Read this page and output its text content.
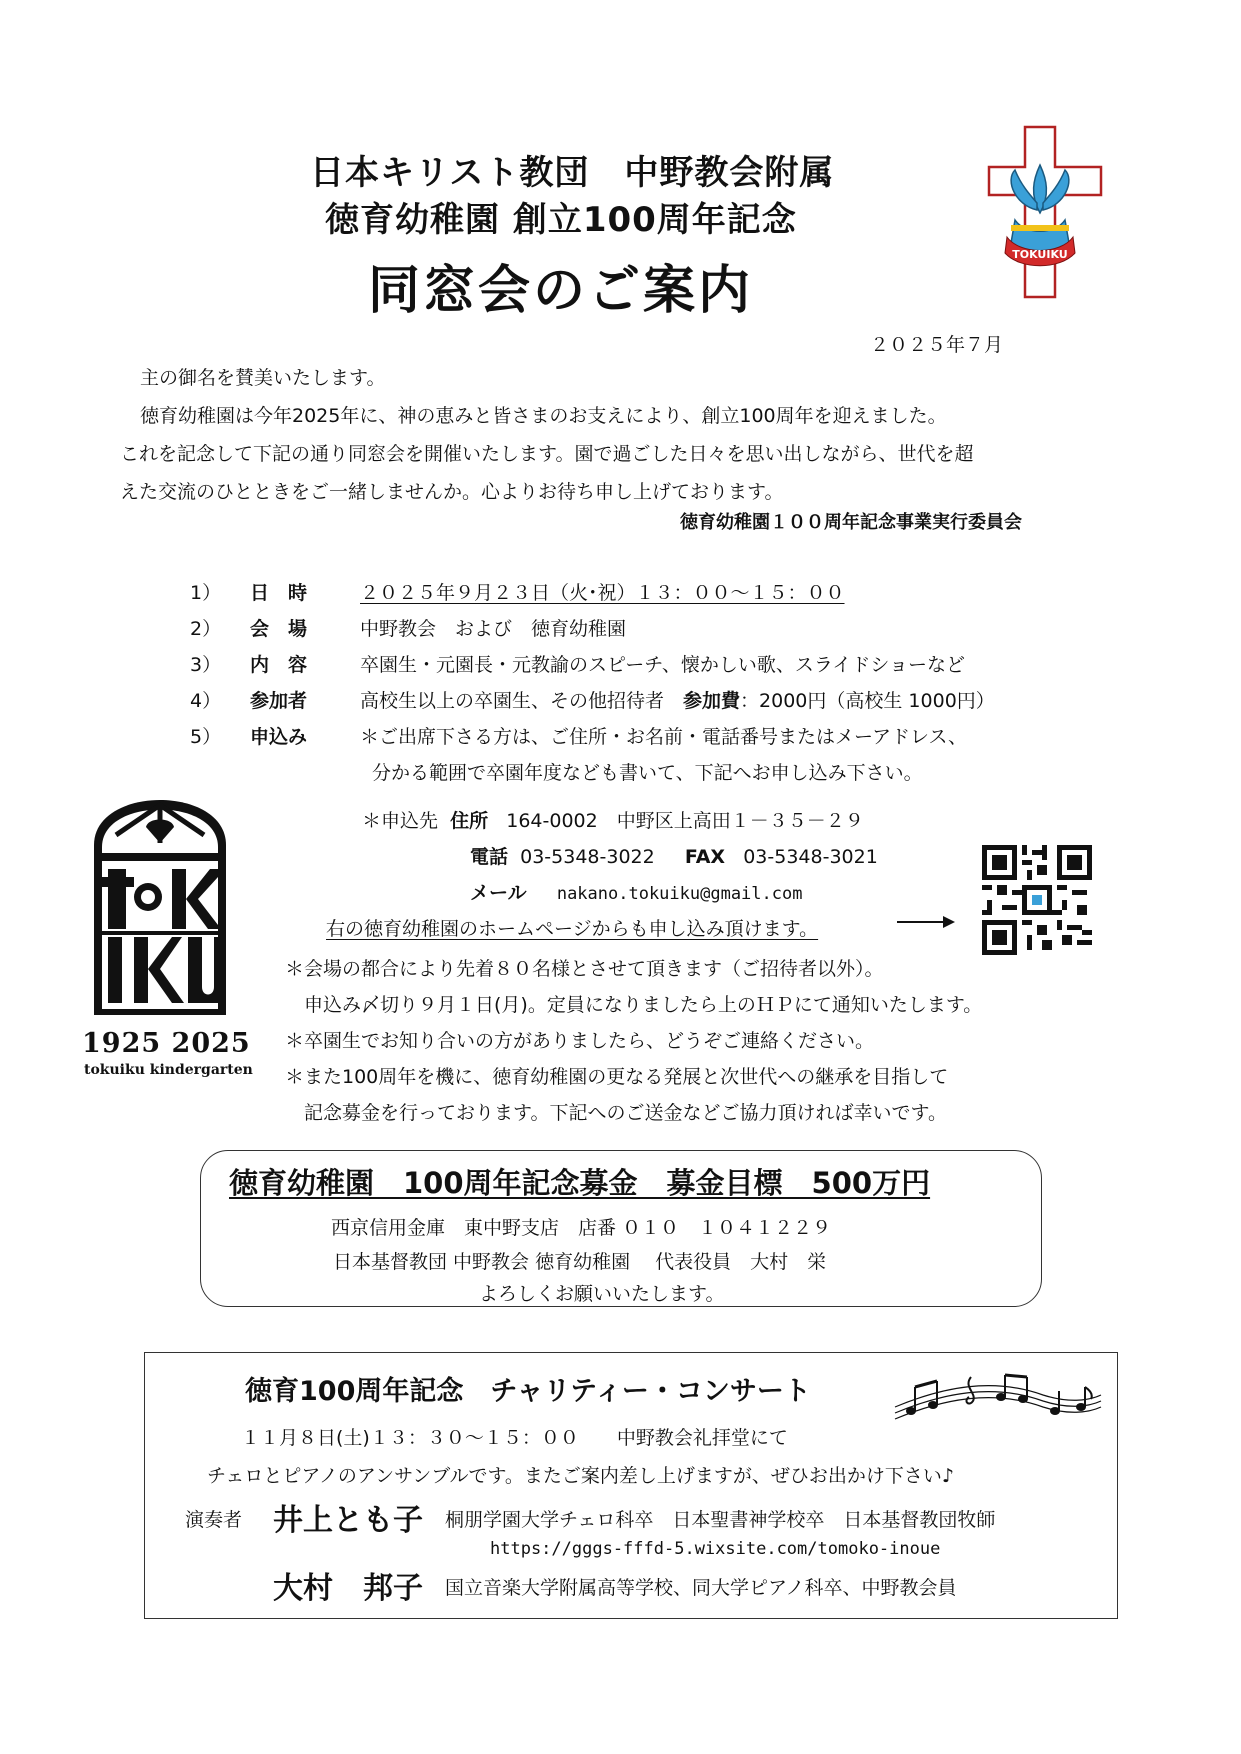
日本キリスト教団　中野教会附属
徳育幼稚園 創立100周年記念
同窓会のご案内
TOKUIKU
２０２５年７月
主の御名を賛美いたします。
徳育幼稚園は今年2025年に、神の恵みと皆さまのお支えにより、創立100周年を迎えました。
これを記念して下記の通り同窓会を開催いたします。園で過ごした日々を思い出しながら、世代を超
えた交流のひとときをご一緒しませんか。心よりお待ち申し上げております。
徳育幼稚園１００周年記念事業実行委員会
1） 日　時	２０２５年９月２３日（火･祝）１３：００～１５：００
2） 会　場	中野教会　および　徳育幼稚園
3） 内　容	卒園生・元園長・元教諭のスピーチ、懐かしい歌、スライドショーなど
4） 参加者	高校生以上の卒園生、その他招待者　参加費：2000円（高校生 1000円）
5） 申込み	＊ご出席下さる方は、ご住所・お名前・電話番号またはメーアドレス、
分かる範囲で卒園年度なども書いて、下記へお申し込み下さい。
＊申込先 住所 164-0002　中野区上高田１－３５－２９
電話 03-5348-3022 FAX 03-5348-3021
メール nakano.tokuiku@gmail.com
右の徳育幼稚園のホームページからも申し込み頂けます。
1925 2025
tokuiku kindergarten
＊会場の都合により先着８０名様とさせて頂きます（ご招待者以外）。
　申込み〆切り９月１日(月)。定員になりましたら上のＨＰにて通知いたします。
＊卒園生でお知り合いの方がありましたら、どうぞご連絡ください。
＊また100周年を機に、徳育幼稚園の更なる発展と次世代への継承を目指して
　記念募金を行っております。下記へのご送金などご協力頂ければ幸いです。
徳育幼稚園　100周年記念募金　募金目標　500万円
西京信用金庫　東中野支店　店番 ０１０　１０４１２２９
日本基督教団 中野教会 徳育幼稚園　 代表役員　大村　栄
よろしくお願いいたします。
徳育100周年記念　チャリティー・コンサート
１１月８日(土)１３：３０～１５：００　　中野教会礼拝堂にて
チェロとピアノのアンサンブルです。またご案内差し上げますが、ぜひお出かけ下さい♪
演奏者 井上とも子 桐朋学園大学チェロ科卒　日本聖書神学校卒　日本基督教団牧師
https://gggs-fffd-5.wixsite.com/tomoko-inoue
大村　邦子 国立音楽大学附属高等学校、同大学ピアノ科卒、中野教会員
